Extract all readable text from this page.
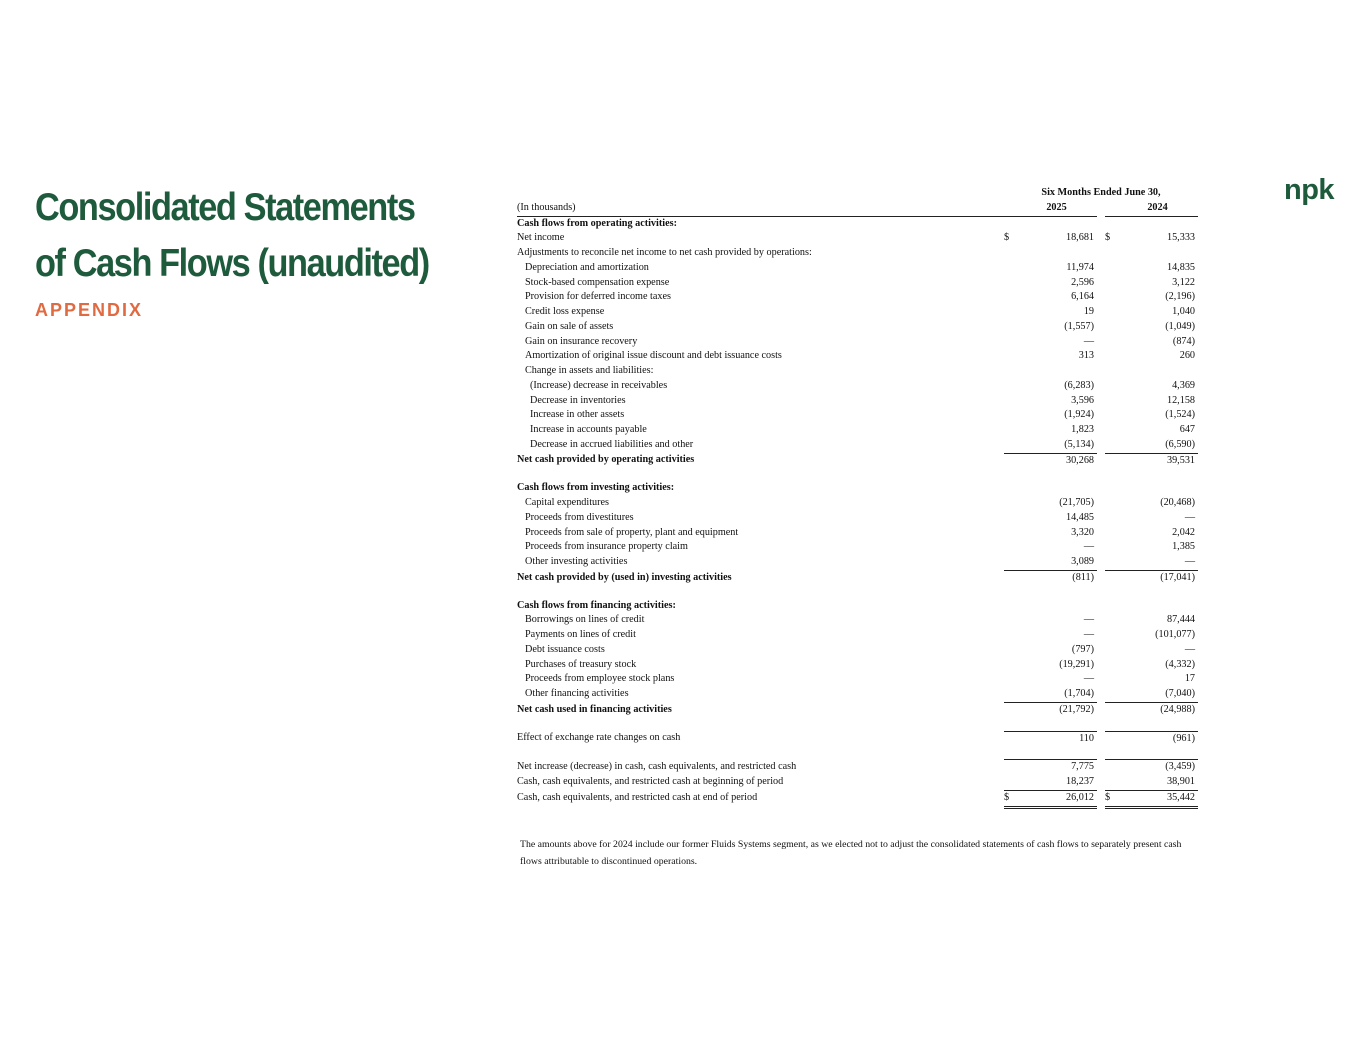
Consolidated Statements
of Cash Flows (unaudited)

APPENDIX

npk
	Six Months Ended June 30,				
(In thousands)		2025			2024
Cash flows from operating activities:					
Net income	$	18,681		$	15,333
Adjustments to reconcile net income to net cash provided by operations:					
Depreciation and amortization		11,974			14,835
Stock-based compensation expense		2,596			3,122
Provision for deferred income taxes		6,164			(2,196)
Credit loss expense		19			1,040
Gain on sale of assets		(1,557)			(1,049)
Gain on insurance recovery		—			(874)
Amortization of original issue discount and debt issuance costs		313			260
Change in assets and liabilities:					
(Increase) decrease in receivables		(6,283)			4,369
Decrease in inventories		3,596			12,158
Increase in other assets		(1,924)			(1,524)
Increase in accounts payable		1,823			647
Decrease in accrued liabilities and other		(5,134)			(6,590)
Net cash provided by operating activities		30,268			39,531

Cash flows from investing activities:					
Capital expenditures		(21,705)			(20,468)
Proceeds from divestitures		14,485			—
Proceeds from sale of property, plant and equipment		3,320			2,042
Proceeds from insurance property claim		—			1,385
Other investing activities		3,089			—
Net cash provided by (used in) investing activities		(811)			(17,041)

Cash flows from financing activities:					
Borrowings on lines of credit		—			87,444
Payments on lines of credit		—			(101,077)
Debt issuance costs		(797)			—
Purchases of treasury stock		(19,291)			(4,332)
Proceeds from employee stock plans		—			17
Other financing activities		(1,704)			(7,040)
Net cash used in financing activities		(21,792)			(24,988)

Effect of exchange rate changes on cash		110			(961)

Net increase (decrease) in cash, cash equivalents, and restricted cash		7,775			(3,459)
Cash, cash equivalents, and restricted cash at beginning of period		18,237			38,901
Cash, cash equivalents, and restricted cash at end of period	$	26,012		$	35,442

The amounts above for 2024 include our former Fluids Systems segment, as we elected not to adjust the consolidated statements of cash flows to separately present cash flows attributable to discontinued operations.
